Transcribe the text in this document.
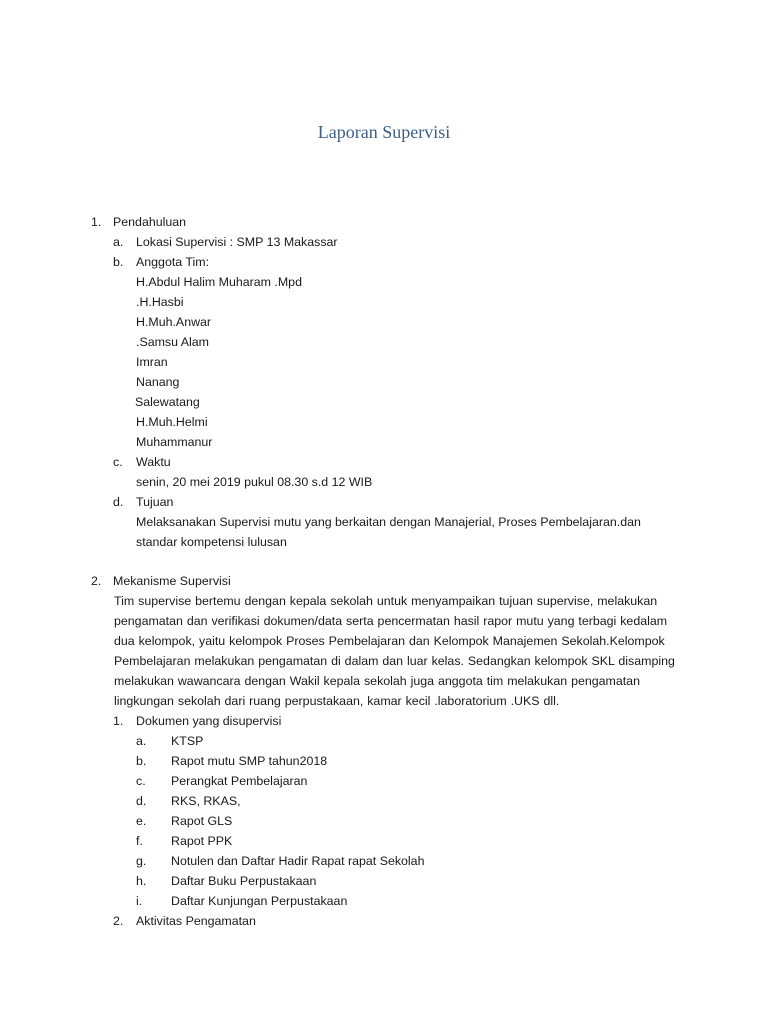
Laporan Supervisi
1. Pendahuluan
a. Lokasi Supervisi : SMP 13 Makassar
b. Anggota Tim:
H.Abdul Halim Muharam .Mpd
.H.Hasbi
H.Muh.Anwar
.Samsu Alam
Imran
Nanang
Salewatang
H.Muh.Helmi
Muhammanur
c. Waktu
senin, 20 mei 2019 pukul 08.30 s.d 12 WIB
d. Tujuan
Melaksanakan Supervisi mutu yang berkaitan dengan Manajerial, Proses Pembelajaran.dan
standar kompetensi lulusan
2. Mekanisme Supervisi
Tim supervise bertemu dengan kepala sekolah untuk menyampaikan tujuan supervise, melakukan
pengamatan dan verifikasi dokumen/data serta pencermatan hasil rapor mutu yang terbagi kedalam
dua kelompok, yaitu kelompok Proses Pembelajaran dan Kelompok Manajemen Sekolah.Kelompok
Pembelajaran melakukan pengamatan di dalam dan luar kelas. Sedangkan kelompok SKL disamping
melakukan wawancara dengan Wakil kepala sekolah juga anggota tim melakukan pengamatan
lingkungan sekolah dari ruang perpustakaan, kamar kecil .laboratorium .UKS dll.
1. Dokumen yang disupervisi
a. KTSP
b. Rapot mutu SMP tahun2018
c. Perangkat Pembelajaran
d. RKS, RKAS,
e. Rapot GLS
f. Rapot PPK
g. Notulen dan Daftar Hadir Rapat rapat Sekolah
h. Daftar Buku Perpustakaan
i. Daftar Kunjungan Perpustakaan
2. Aktivitas Pengamatan
